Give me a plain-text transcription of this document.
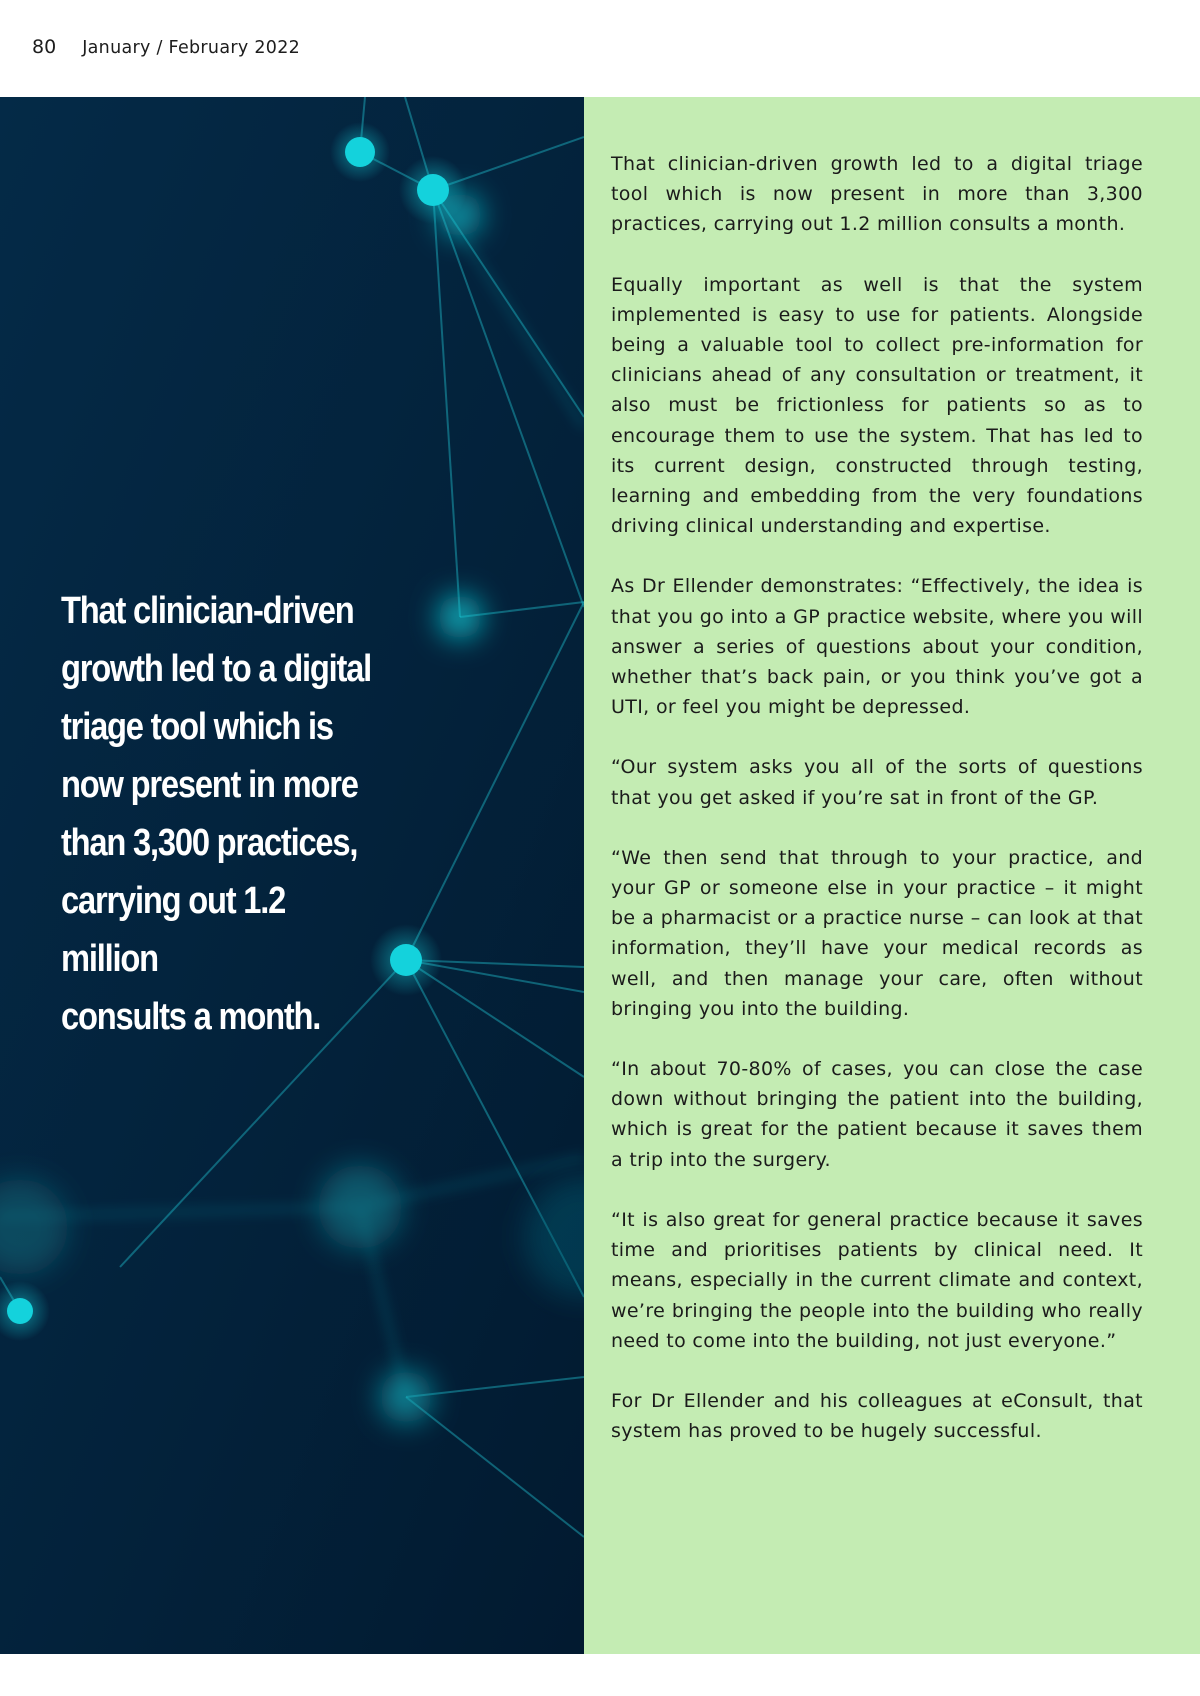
80 January / February 2022

That clinician-driven
growth led to a digital
triage tool which is
now present in more
than 3,300 practices,
carrying out 1.2 million
consults a month.

That clinician-driven growth led to a digital triage tool which is now present in more than 3,300 practices, carrying out 1.2 million consults a month.

Equally important as well is that the system implemented is easy to use for patients. Alongside being a valuable tool to collect pre-information for clinicians ahead of any consultation or treatment, it also must be frictionless for patients so as to encourage them to use the system. That has led to its current design, constructed through testing, learning and embedding from the very foundations driving clinical understanding and expertise.

As Dr Ellender demonstrates: “Effectively, the idea is that you go into a GP practice website, where you will answer a series of questions about your condition, whether that’s back pain, or you think you’ve got a UTI, or feel you might be depressed.

“Our system asks you all of the sorts of questions that you get asked if you’re sat in front of the GP.

“We then send that through to your practice, and your GP or someone else in your practice – it might be a pharmacist or a practice nurse – can look at that information, they’ll have your medical records as well, and then manage your care, often without bringing you into the building.

“In about 70-80% of cases, you can close the case down without bringing the patient into the building, which is great for the patient because it saves them a trip into the surgery.

“It is also great for general practice because it saves time and prioritises patients by clinical need. It means, especially in the current climate and context, we’re bringing the people into the building who really need to come into the building, not just everyone.”

For Dr Ellender and his colleagues at eConsult, that system has proved to be hugely successful.
